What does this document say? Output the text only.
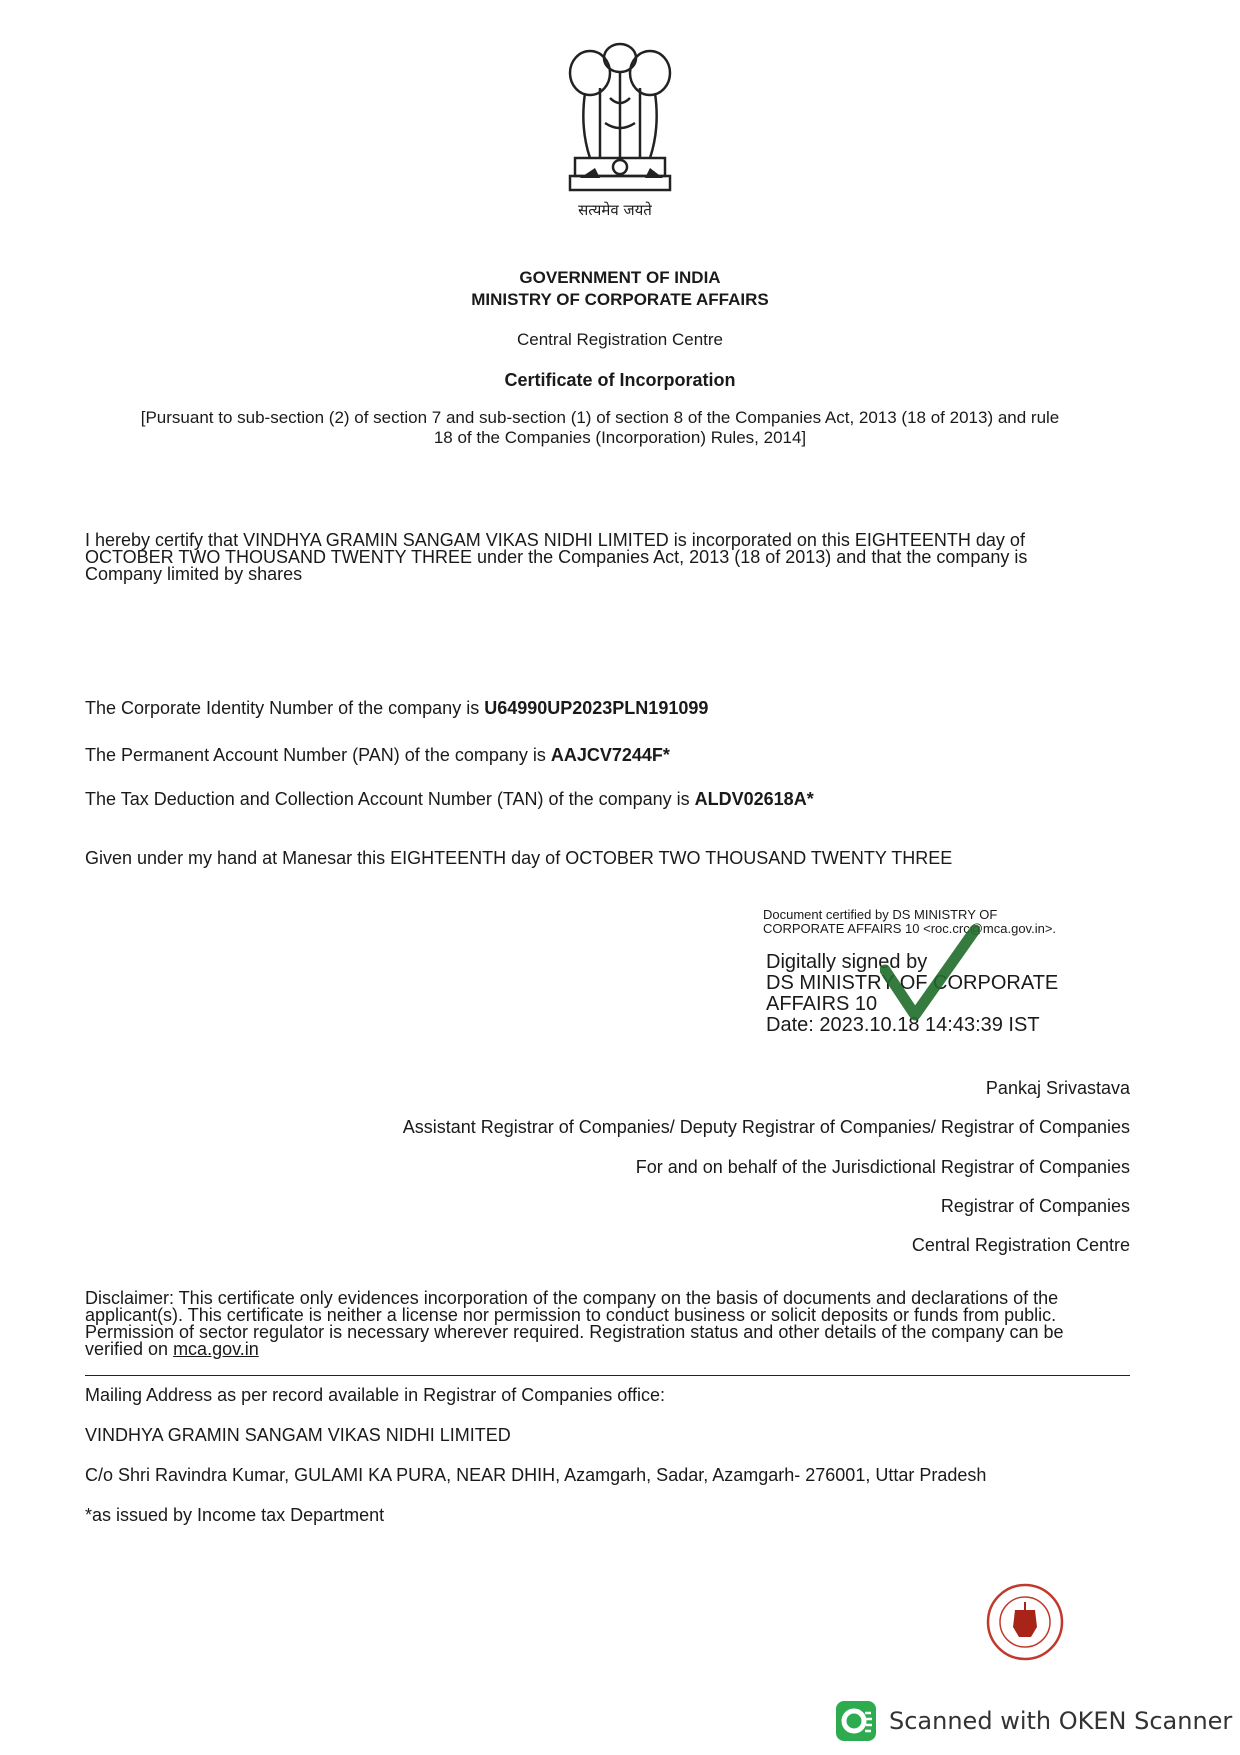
सत्यमेव जयते
GOVERNMENT OF INDIA
MINISTRY OF CORPORATE AFFAIRS
Central Registration Centre
Certificate of Incorporation
[Pursuant to sub-section (2) of section 7 and sub-section (1) of section 8 of the Companies Act, 2013 (18 of 2013) and rule
18 of the Companies (Incorporation) Rules, 2014]
I hereby certify that VINDHYA GRAMIN SANGAM VIKAS NIDHI LIMITED is incorporated on this EIGHTEENTH day of
OCTOBER TWO THOUSAND TWENTY THREE under the Companies Act, 2013 (18 of 2013) and that the company is
Company limited by shares
The Corporate Identity Number of the company is U64990UP2023PLN191099
The Permanent Account Number (PAN) of the company is AAJCV7244F*
The Tax Deduction and Collection Account Number (TAN) of the company is ALDV02618A*
Given under my hand at Manesar this EIGHTEENTH day of OCTOBER TWO THOUSAND TWENTY THREE
Document certified by DS MINISTRY OF
CORPORATE AFFAIRS 10 <roc.crc@mca.gov.in>.
Digitally signed by
DS MINISTRY OF CORPORATE
AFFAIRS 10
Date: 2023.10.18 14:43:39 IST
Pankaj Srivastava
Assistant Registrar of Companies/ Deputy Registrar of Companies/ Registrar of Companies
For and on behalf of the Jurisdictional Registrar of Companies
Registrar of Companies
Central Registration Centre
Disclaimer: This certificate only evidences incorporation of the company on the basis of documents and declarations of the
applicant(s). This certificate is neither a license nor permission to conduct business or solicit deposits or funds from public.
Permission of sector regulator is necessary wherever required. Registration status and other details of the company can be
verified on mca.gov.in
Mailing Address as per record available in Registrar of Companies office:
VINDHYA GRAMIN SANGAM VIKAS NIDHI LIMITED
C/o Shri Ravindra Kumar, GULAMI KA PURA, NEAR DHIH, Azamgarh, Sadar, Azamgarh- 276001, Uttar Pradesh
*as issued by Income tax Department
Scanned with OKEN Scanner
